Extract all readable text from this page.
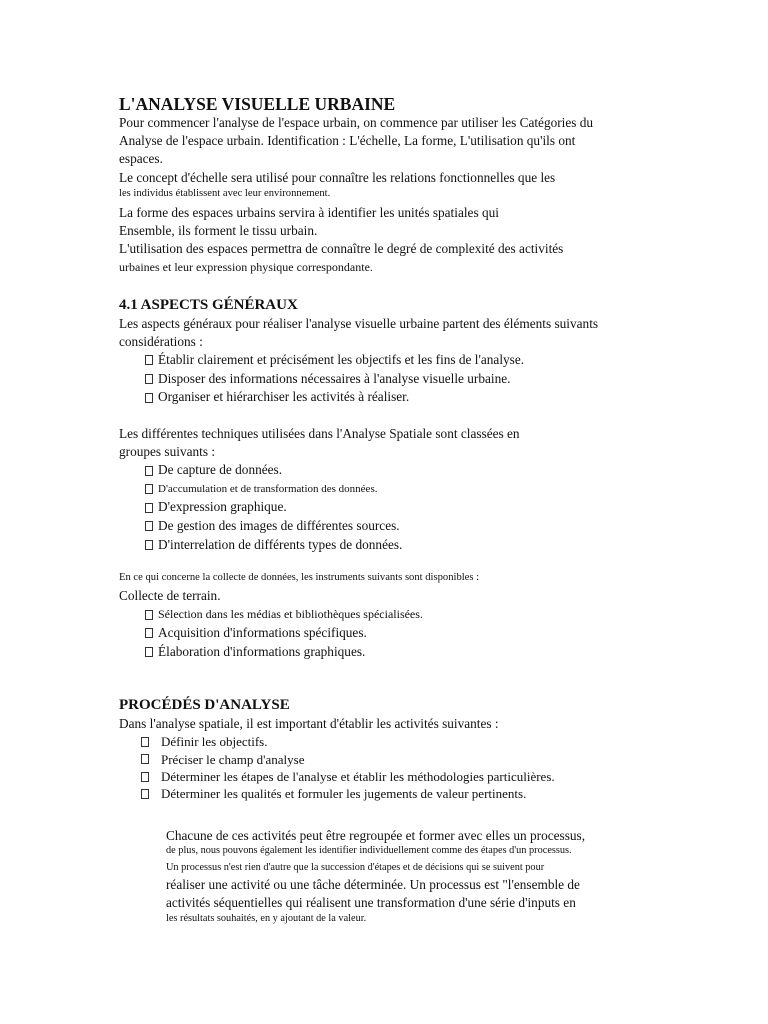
L'ANALYSE VISUELLE URBAINE

Pour commencer l'analyse de l'espace urbain, on commence par utiliser les Catégories du

Analyse de l'espace urbain. Identification : L'échelle, La forme, L'utilisation qu'ils ont

espaces.

Le concept d'échelle sera utilisé pour connaître les relations fonctionnelles que les

les individus établissent avec leur environnement.

La forme des espaces urbains servira à identifier les unités spatiales qui

Ensemble, ils forment le tissu urbain.

L'utilisation des espaces permettra de connaître le degré de complexité des activités

urbaines et leur expression physique correspondante.

4.1 ASPECTS GÉNÉRAUX

Les aspects généraux pour réaliser l'analyse visuelle urbaine partent des éléments suivants

considérations :

Établir clairement et précisément les objectifs et les fins de l'analyse.

Disposer des informations nécessaires à l'analyse visuelle urbaine.

Organiser et hiérarchiser les activités à réaliser.

Les différentes techniques utilisées dans l'Analyse Spatiale sont classées en

groupes suivants :

De capture de données.

D'accumulation et de transformation des données.

D'expression graphique.

De gestion des images de différentes sources.

D'interrelation de différents types de données.

En ce qui concerne la collecte de données, les instruments suivants sont disponibles :

Collecte de terrain.

Sélection dans les médias et bibliothèques spécialisées.

Acquisition d'informations spécifiques.

Élaboration d'informations graphiques.

PROCÉDÉS D'ANALYSE

Dans l'analyse spatiale, il est important d'établir les activités suivantes :

Définir les objectifs.

Préciser le champ d'analyse

Déterminer les étapes de l'analyse et établir les méthodologies particulières.

Déterminer les qualités et formuler les jugements de valeur pertinents.

Chacune de ces activités peut être regroupée et former avec elles un processus,

de plus, nous pouvons également les identifier individuellement comme des étapes d'un processus.

Un processus n'est rien d'autre que la succession d'étapes et de décisions qui se suivent pour

réaliser une activité ou une tâche déterminée. Un processus est "l'ensemble de

activités séquentielles qui réalisent une transformation d'une série d'inputs en

les résultats souhaités, en y ajoutant de la valeur.
